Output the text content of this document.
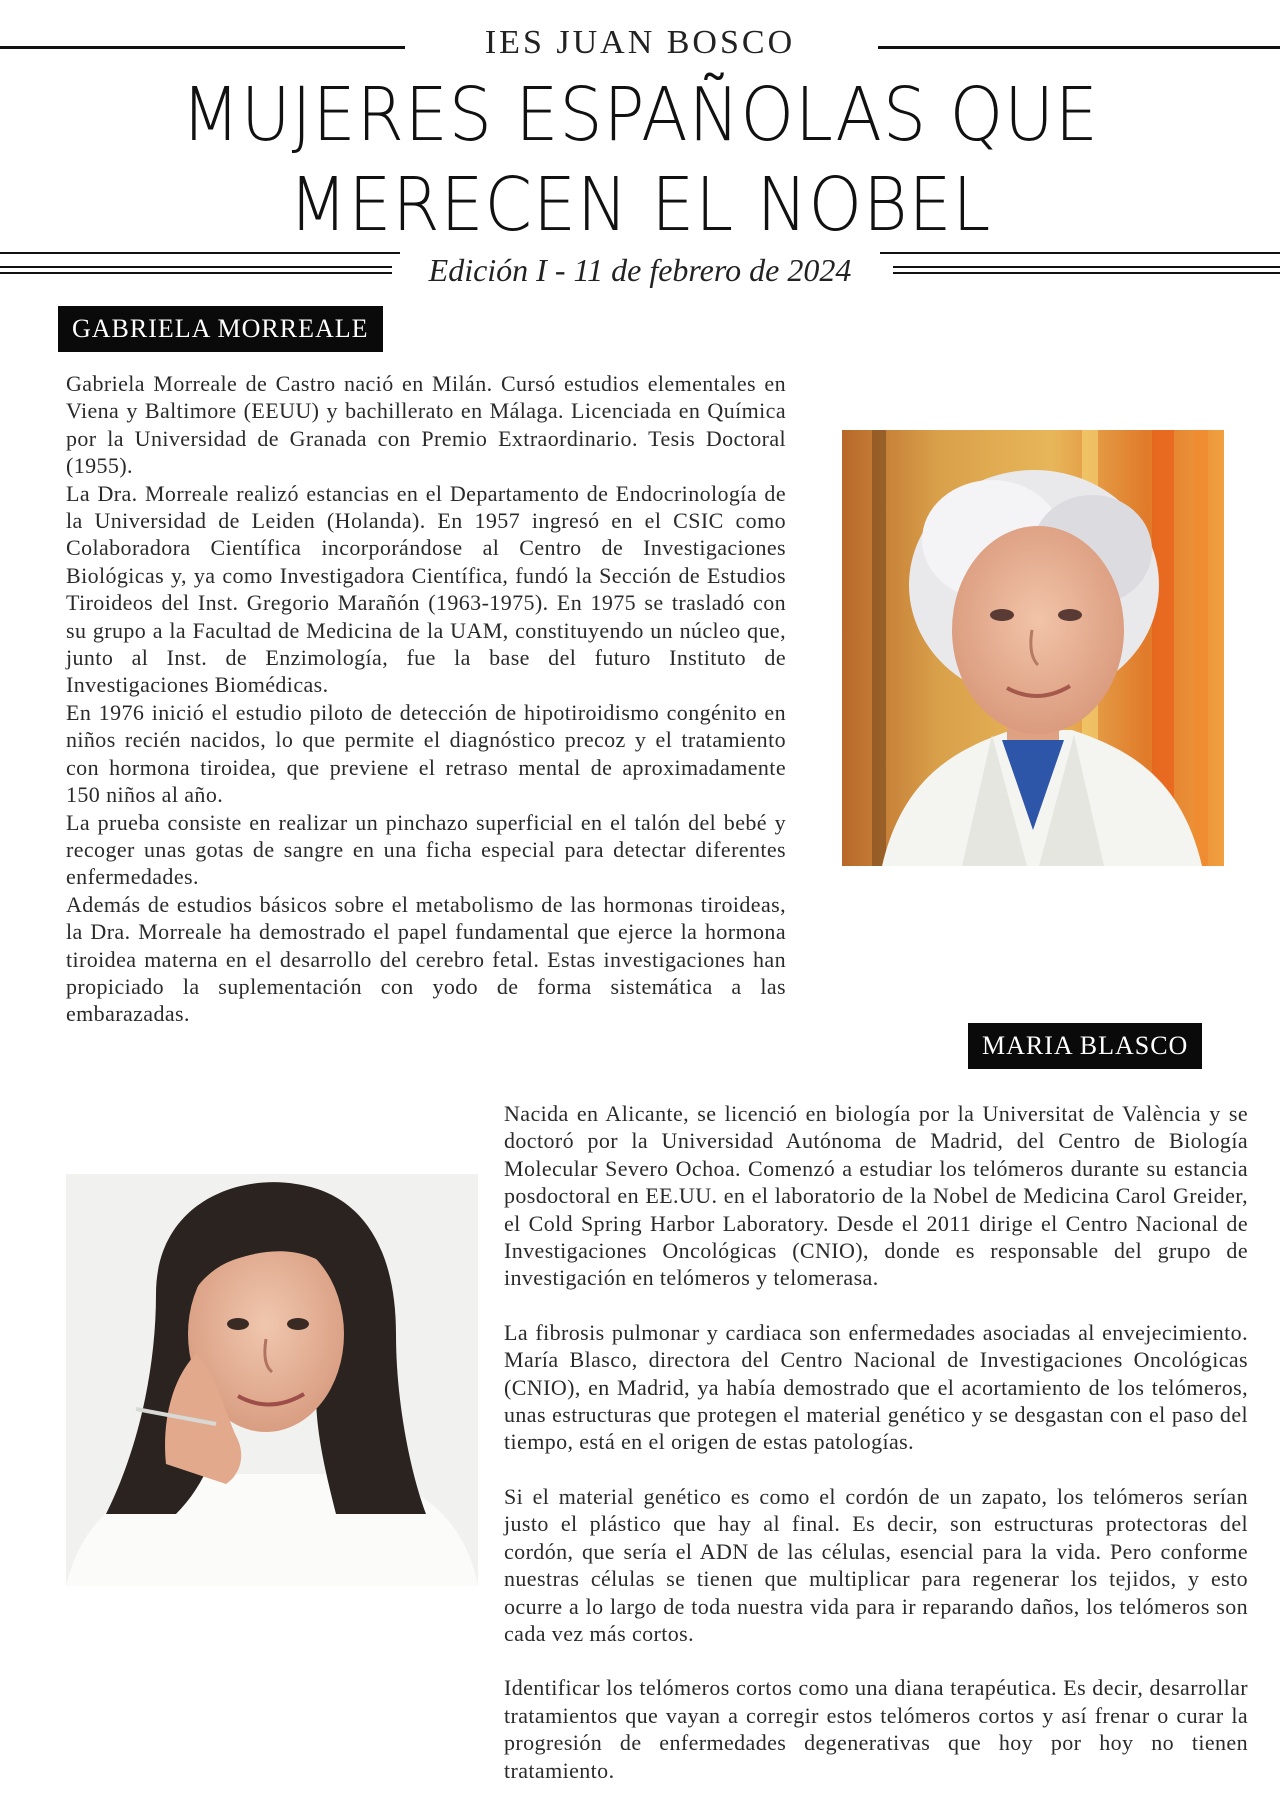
IES JUAN BOSCO
MUJERES ESPAÑOLAS QUE
MERECEN EL NOBEL
Edición I - 11 de febrero de 2024
GABRIELA MORREALE

Gabriela Morreale de Castro nació en Milán. Cursó estudios elementales en Viena y Baltimore (EEUU) y bachillerato en Málaga. Licenciada en Química por la Universidad de Granada con Premio Extraordinario. Tesis Doctoral (1955).

La Dra. Morreale realizó estancias en el Departamento de Endocrinología de la Universidad de Leiden (Holanda). En 1957 ingresó en el CSIC como Colaboradora Científica incorporándose al Centro de Investigaciones Biológicas y, ya como Investigadora Científica, fundó la Sección de Estudios Tiroideos del Inst. Gregorio Marañón (1963-1975). En 1975 se trasladó con su grupo a la Facultad de Medicina de la UAM, constituyendo un núcleo que, junto al Inst. de Enzimología, fue la base del futuro Instituto de Investigaciones Biomédicas.

En 1976 inició el estudio piloto de detección de hipotiroidismo congénito en niños recién nacidos, lo que permite el diagnóstico precoz y el tratamiento con hormona tiroidea, que previene el retraso mental de aproximadamente 150 niños al año.

La prueba consiste en realizar un pinchazo superficial en el talón del bebé y recoger unas gotas de sangre en una ficha especial para detectar diferentes enfermedades.

Además de estudios básicos sobre el metabolismo de las hormonas tiroideas, la Dra. Morreale ha demostrado el papel fundamental que ejerce la hormona tiroidea materna en el desarrollo del cerebro fetal. Estas investigaciones han propiciado la suplementación con yodo de forma sistemática a las embarazadas.

MARIA BLASCO

Nacida en Alicante, se licenció en biología por la Universitat de València y se doctoró por la Universidad Autónoma de Madrid, del Centro de Biología Molecular Severo Ochoa. Comenzó a estudiar los telómeros durante su estancia posdoctoral en EE.UU. en el laboratorio de la Nobel de Medicina Carol Greider, el Cold Spring Harbor Laboratory. Desde el 2011 dirige el Centro Nacional de Investigaciones Oncológicas (CNIO), donde es responsable del grupo de investigación en telómeros y telomerasa.

La fibrosis pulmonar y cardiaca son enfermedades asociadas al envejecimiento. María Blasco, directora del Centro Nacional de Investigaciones Oncológicas (CNIO), en Madrid, ya había demostrado que el acortamiento de los telómeros, unas estructuras que protegen el material genético y se desgastan con el paso del tiempo, está en el origen de estas patologías.

Si el material genético es como el cordón de un zapato, los telómeros serían justo el plástico que hay al final. Es decir, son estructuras protectoras del cordón, que sería el ADN de las células, esencial para la vida. Pero conforme nuestras células se tienen que multiplicar para regenerar los tejidos, y esto ocurre a lo largo de toda nuestra vida para ir reparando daños, los telómeros son cada vez más cortos.

Identificar los telómeros cortos como una diana terapéutica. Es decir, desarrollar tratamientos que vayan a corregir estos telómeros cortos y así frenar o curar la progresión de enfermedades degenerativas que hoy por hoy no tienen tratamiento.
